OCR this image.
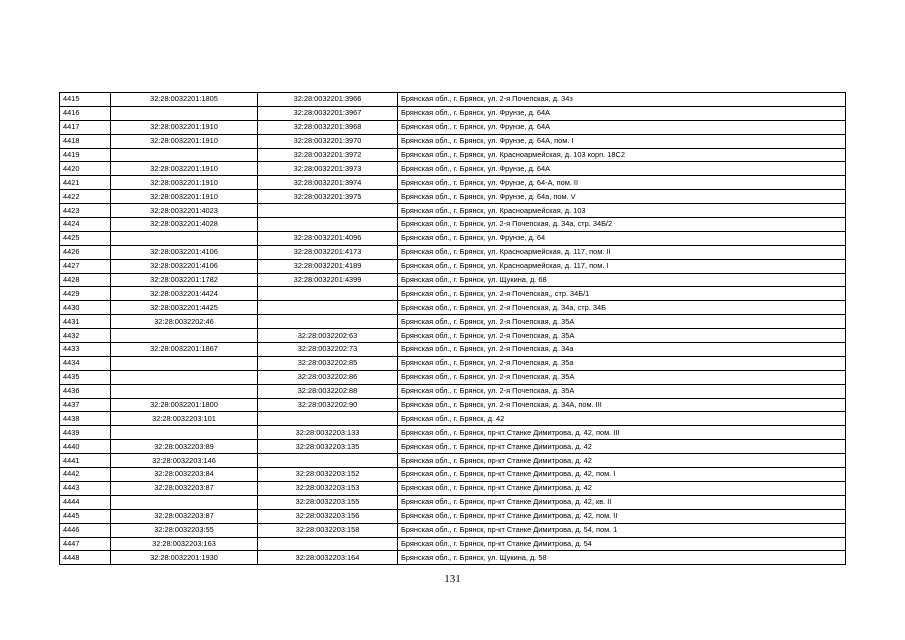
4415	32:28:0032201:1805	32:28:0032201:3966	Брянская обл., г. Брянск, ул. 2-я Почепская, д. 34з
4416		32:28:0032201:3967	Брянская обл., г. Брянск, ул. Фрунзе, д. 64А
4417	32:28:0032201:1910	32:28:0032201:3968	Брянская обл., г. Брянск, ул. Фрунзе, д. 64А
4418	32:28:0032201:1910	32:28:0032201:3970	Брянская обл., г. Брянск, ул. Фрунзе, д. 64А, пом. I
4419		32:28:0032201:3972	Брянская обл., г. Брянск, ул. Красноармейская, д. 103 корп. 18С2
4420	32:28:0032201:1910	32:28:0032201:3973	Брянская обл., г. Брянск, ул. Фрунзе, д. 64А
4421	32:28:0032201:1910	32:28:0032201:3974	Брянская обл., г. Брянск, ул. Фрунзе, д. 64-А, пом. II
4422	32:28:0032201:1910	32:28:0032201:3975	Брянская обл., г. Брянск, ул. Фрунзе, д. 64а, пом. V
4423	32:28:0032201:4023		Брянская обл., г. Брянск, ул. Красноармейская, д. 103
4424	32:28:0032201:4028		Брянская обл., г. Брянск, ул. 2-я Почепская, д. 34а, стр. 34Б/2
4425		32:28:0032201:4096	Брянская обл., г. Брянск, ул. Фрунзе, д. 64
4426	32:28:0032201:4106	32:28:0032201:4173	Брянская обл., г. Брянск, ул. Красноармейская, д. 117, пом. II
4427	32:28:0032201:4106	32:28:0032201:4189	Брянская обл., г. Брянск, ул. Красноармейская, д. 117, пом. I
4428	32:28:0032201:1782	32:28:0032201:4399	Брянская обл., г. Брянск, ул. Щукина, д. 68
4429	32:28:0032201:4424		Брянская обл., г. Брянск, ул. 2-я Почепская,, стр. 34Б/1
4430	32:28:0032201:4425		Брянская обл., г. Брянск, ул. 2-я Почепская, д. 34а, стр. 34Б
4431	32:28:0032202:46		Брянская обл., г. Брянск, ул. 2-я Почепская, д. 35А
4432		32:28:0032202:63	Брянская обл., г. Брянск, ул. 2-я Почепская, д. 35А
4433	32:28:0032201:1867	32:28:0032202:73	Брянская обл., г. Брянск, ул. 2-я Почепская, д. 34а
4434		32:28:0032202:85	Брянская обл., г. Брянск, ул. 2-я Почепская, д. 35а
4435		32:28:0032202:86	Брянская обл., г. Брянск, ул. 2-я Почепская, д. 35А
4436		32:28:0032202:88	Брянская обл., г. Брянск, ул. 2-я Почепская, д. 35А
4437	32:28:0032201:1800	32:28:0032202:90	Брянская обл., г. Брянск, ул. 2-я Почепская, д. 34А, пом. III
4438	32:28:0032203:101		Брянская обл., г. Брянск, д. 42
4439		32:28:0032203:133	Брянская обл., г. Брянск, пр-кт Станке Димитрова, д. 42, пом. III
4440	32:28:0032203:89	32:28:0032203:135	Брянская обл., г. Брянск, пр-кт Станке Димитрова, д. 42
4441	32:28:0032203:146		Брянская обл., г. Брянск, пр-кт Станке Димитрова, д. 42
4442	32:28:0032203:84	32:28:0032203:152	Брянская обл., г. Брянск, пр-кт Станке Димитрова, д. 42, пом. I
4443	32:28:0032203:87	32:28:0032203:153	Брянская обл., г. Брянск, пр-кт Станке Димитрова, д. 42
4444		32:28:0032203:155	Брянская обл., г. Брянск, пр-кт Станке Димитрова, д. 42, кв. II
4445	32:28:0032203:87	32:28:0032203:156	Брянская обл., г. Брянск, пр-кт Станке Димитрова, д. 42, пом. II
4446	32:28:0032203:55	32:28:0032203:158	Брянская обл., г. Брянск, пр-кт Станке Димитрова, д. 54, пом. 1
4447	32:28:0032203:163		Брянская обл., г. Брянск, пр-кт Станке Димитрова, д. 54
4448	32:28:0032201:1930	32:28:0032203:164	Брянская обл., г. Брянск, ул. Щукина, д. 58
131
